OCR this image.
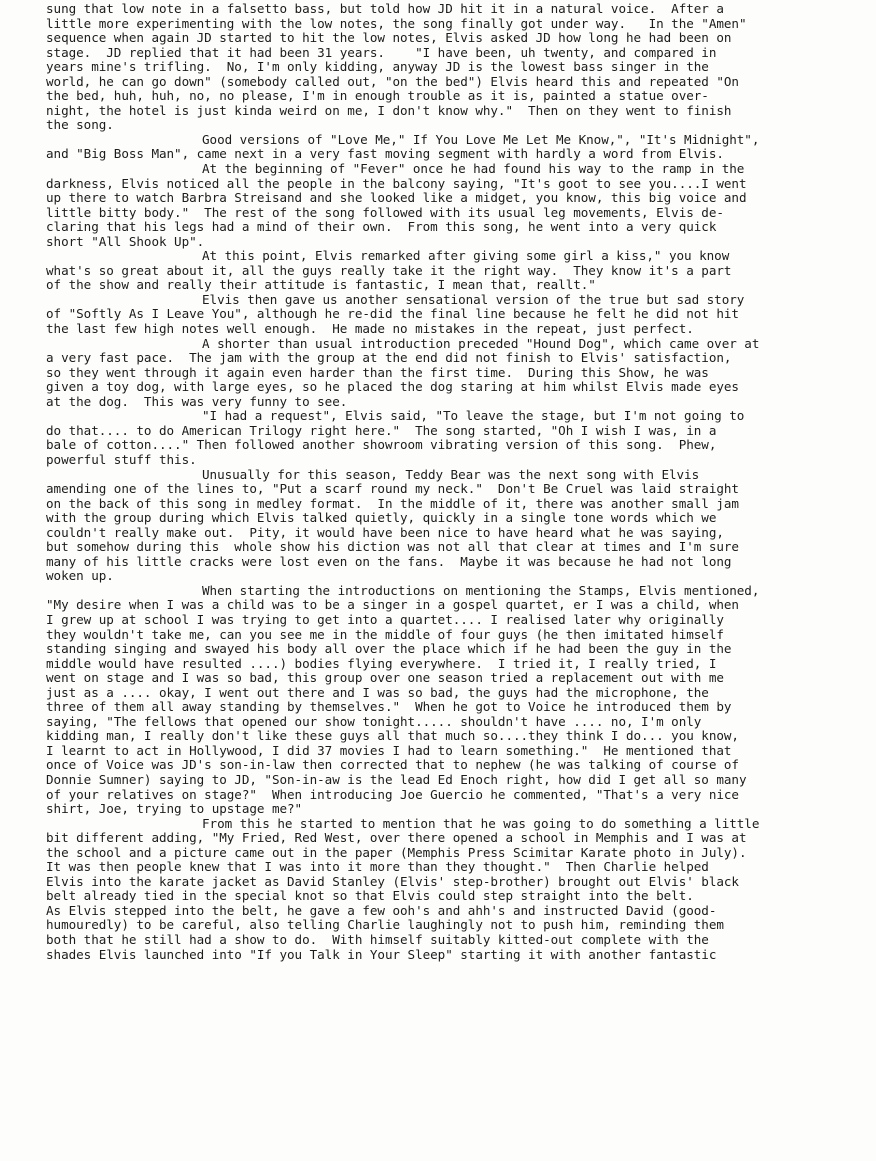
sung that low note in a falsetto bass, but told how JD hit it in a natural voice.  After a
little more experimenting with the low notes, the song finally got under way.   In the "Amen"
sequence when again JD started to hit the low notes, Elvis asked JD how long he had been on
stage.  JD replied that it had been 31 years.    "I have been, uh twenty, and compared in
years mine's trifling.  No, I'm only kidding, anyway JD is the lowest bass singer in the
world, he can go down" (somebody called out, "on the bed") Elvis heard this and repeated "On
the bed, huh, huh, no, no please, I'm in enough trouble as it is, painted a statue over-
night, the hotel is just kinda weird on me, I don't know why."  Then on they went to finish
the song.
Good versions of "Love Me," If You Love Me Let Me Know,", "It's Midnight",
and "Big Boss Man", came next in a very fast moving segment with hardly a word from Elvis.
At the beginning of "Fever" once he had found his way to the ramp in the
darkness, Elvis noticed all the people in the balcony saying, "It's goot to see you....I went
up there to watch Barbra Streisand and she looked like a midget, you know, this big voice and
little bitty body."  The rest of the song followed with its usual leg movements, Elvis de-
claring that his legs had a mind of their own.  From this song, he went into a very quick
short "All Shook Up".
At this point, Elvis remarked after giving some girl a kiss," you know
what's so great about it, all the guys really take it the right way.  They know it's a part
of the show and really their attitude is fantastic, I mean that, reallt."
Elvis then gave us another sensational version of the true but sad story
of "Softly As I Leave You", although he re-did the final line because he felt he did not hit
the last few high notes well enough.  He made no mistakes in the repeat, just perfect.
A shorter than usual introduction preceded "Hound Dog", which came over at
a very fast pace.  The jam with the group at the end did not finish to Elvis' satisfaction,
so they went through it again even harder than the first time.  During this Show, he was
given a toy dog, with large eyes, so he placed the dog staring at him whilst Elvis made eyes
at the dog.  This was very funny to see.
"I had a request", Elvis said, "To leave the stage, but I'm not going to
do that.... to do American Trilogy right here."  The song started, "Oh I wish I was, in a
bale of cotton...." Then followed another showroom vibrating version of this song.  Phew,
powerful stuff this.
Unusually for this season, Teddy Bear was the next song with Elvis
amending one of the lines to, "Put a scarf round my neck."  Don't Be Cruel was laid straight
on the back of this song in medley format.  In the middle of it, there was another small jam
with the group during which Elvis talked quietly, quickly in a single tone words which we
couldn't really make out.  Pity, it would have been nice to have heard what he was saying,
but somehow during this  whole show his diction was not all that clear at times and I'm sure
many of his little cracks were lost even on the fans.  Maybe it was because he had not long
woken up.
When starting the introductions on mentioning the Stamps, Elvis mentioned,
"My desire when I was a child was to be a singer in a gospel quartet, er I was a child, when
I grew up at school I was trying to get into a quartet.... I realised later why originally
they wouldn't take me, can you see me in the middle of four guys (he then imitated himself
standing singing and swayed his body all over the place which if he had been the guy in the
middle would have resulted ....) bodies flying everywhere.  I tried it, I really tried, I
went on stage and I was so bad, this group over one season tried a replacement out with me
just as a .... okay, I went out there and I was so bad, the guys had the microphone, the
three of them all away standing by themselves."  When he got to Voice he introduced them by
saying, "The fellows that opened our show tonight..... shouldn't have .... no, I'm only
kidding man, I really don't like these guys all that much so....they think I do... you know,
I learnt to act in Hollywood, I did 37 movies I had to learn something."  He mentioned that
once of Voice was JD's son-in-law then corrected that to nephew (he was talking of course of
Donnie Sumner) saying to JD, "Son-in-aw is the lead Ed Enoch right, how did I get all so many
of your relatives on stage?"  When introducing Joe Guercio he commented, "That's a very nice
shirt, Joe, trying to upstage me?"
From this he started to mention that he was going to do something a little
bit different adding, "My Fried, Red West, over there opened a school in Memphis and I was at
the school and a picture came out in the paper (Memphis Press Scimitar Karate photo in July).
It was then people knew that I was into it more than they thought."  Then Charlie helped
Elvis into the karate jacket as David Stanley (Elvis' step-brother) brought out Elvis' black
belt already tied in the special knot so that Elvis could step straight into the belt.
As Elvis stepped into the belt, he gave a few ooh's and ahh's and instructed David (good-
humouredly) to be careful, also telling Charlie laughingly not to push him, reminding them
both that he still had a show to do.  With himself suitably kitted-out complete with the
shades Elvis launched into "If you Talk in Your Sleep" starting it with another fantastic
